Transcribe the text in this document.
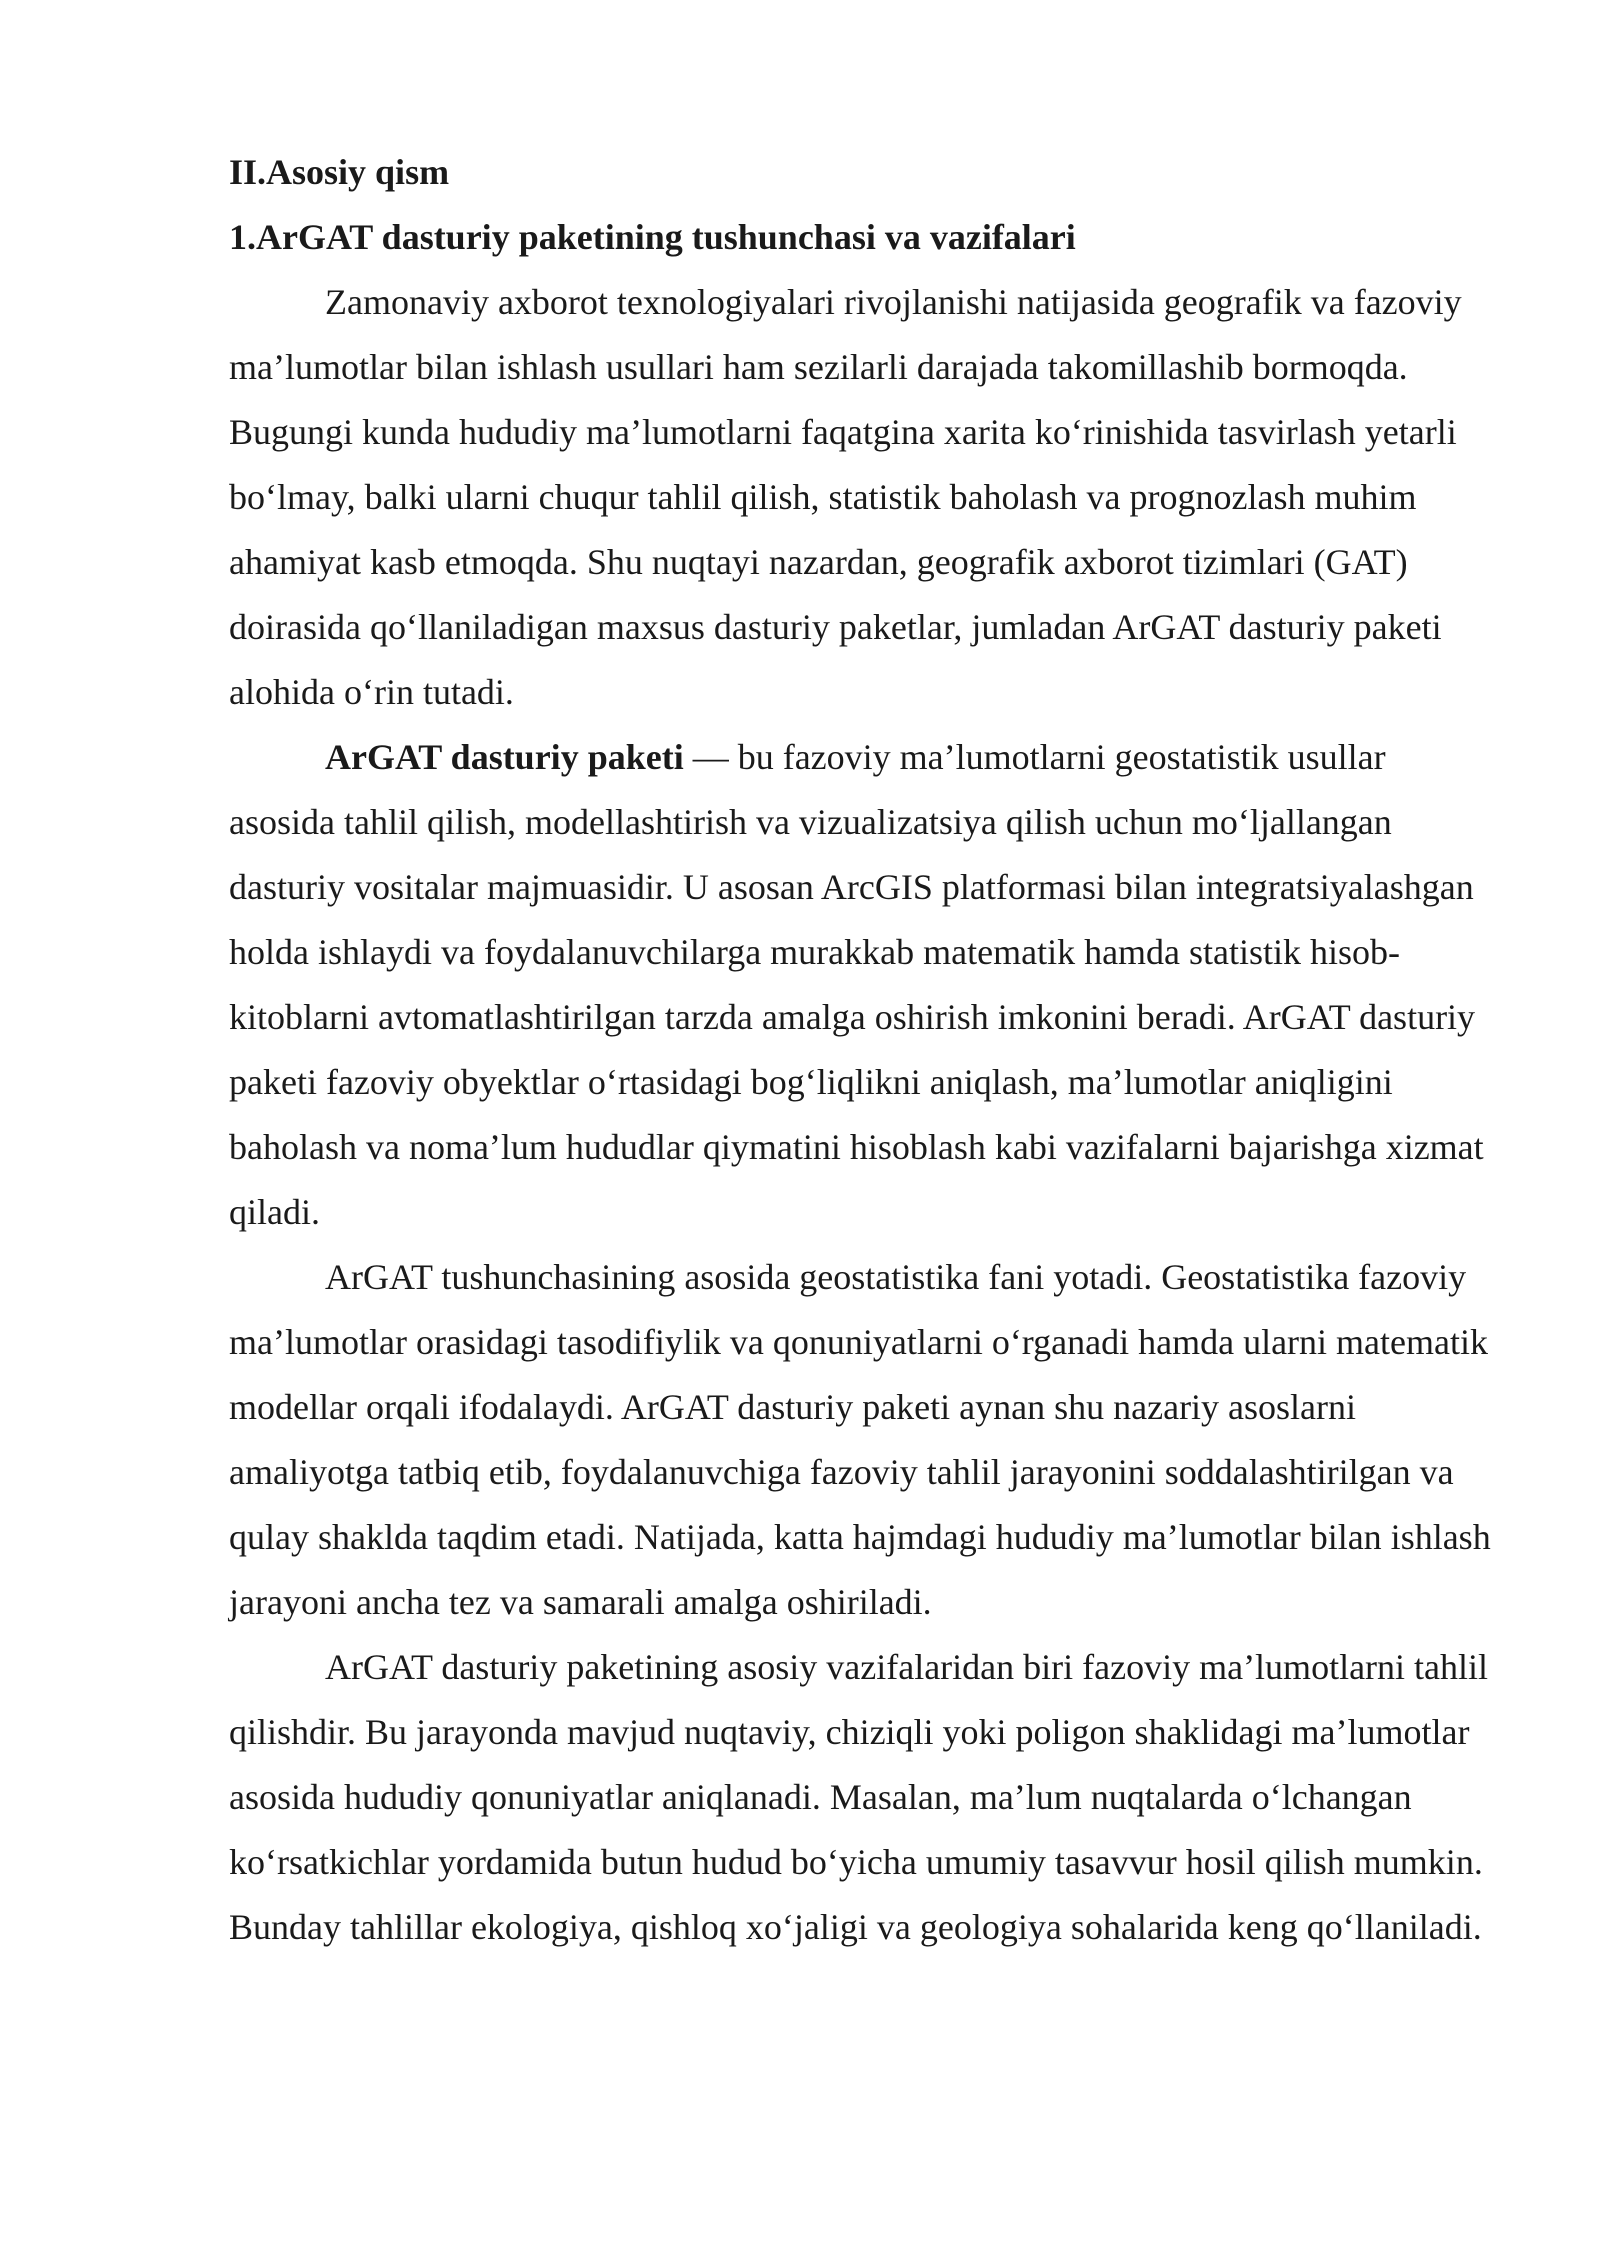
II.Asosiy qism

1.ArGAT dasturiy paketining tushunchasi va vazifalari

Zamonaviy axborot texnologiyalari rivojlanishi natijasida geografik va fazoviy ma’lumotlar bilan ishlash usullari ham sezilarli darajada takomillashib bormoqda. Bugungi kunda hududiy ma’lumotlarni faqatgina xarita ko‘rinishida tasvirlash yetarli bo‘lmay, balki ularni chuqur tahlil qilish, statistik baholash va prognozlash muhim ahamiyat kasb etmoqda. Shu nuqtayi nazardan, geografik axborot tizimlari (GAT) doirasida qo‘llaniladigan maxsus dasturiy paketlar, jumladan ArGAT dasturiy paketi alohida o‘rin tutadi.

ArGAT dasturiy paketi — bu fazoviy ma’lumotlarni geostatistik usullar asosida tahlil qilish, modellashtirish va vizualizatsiya qilish uchun mo‘ljallangan dasturiy vositalar majmuasidir. U asosan ArcGIS platformasi bilan integratsiyalashgan holda ishlaydi va foydalanuvchilarga murakkab matematik hamda statistik hisob-kitoblarni avtomatlashtirilgan tarzda amalga oshirish imkonini beradi. ArGAT dasturiy paketi fazoviy obyektlar o‘rtasidagi bog‘liqlikni aniqlash, ma’lumotlar aniqligini baholash va noma’lum hududlar qiymatini hisoblash kabi vazifalarni bajarishga xizmat qiladi.

ArGAT tushunchasining asosida geostatistika fani yotadi. Geostatistika fazoviy ma’lumotlar orasidagi tasodifiylik va qonuniyatlarni o‘rganadi hamda ularni matematik modellar orqali ifodalaydi. ArGAT dasturiy paketi aynan shu nazariy asoslarni amaliyotga tatbiq etib, foydalanuvchiga fazoviy tahlil jarayonini soddalashtirilgan va qulay shaklda taqdim etadi. Natijada, katta hajmdagi hududiy ma’lumotlar bilan ishlash jarayoni ancha tez va samarali amalga oshiriladi.

ArGAT dasturiy paketining asosiy vazifalaridan biri fazoviy ma’lumotlarni tahlil qilishdir. Bu jarayonda mavjud nuqtaviy, chiziqli yoki poligon shaklidagi ma’lumotlar asosida hududiy qonuniyatlar aniqlanadi. Masalan, ma’lum nuqtalarda o‘lchangan ko‘rsatkichlar yordamida butun hudud bo‘yicha umumiy tasavvur hosil qilish mumkin. Bunday tahlillar ekologiya, qishloq xo‘jaligi va geologiya sohalarida keng qo‘llaniladi.
